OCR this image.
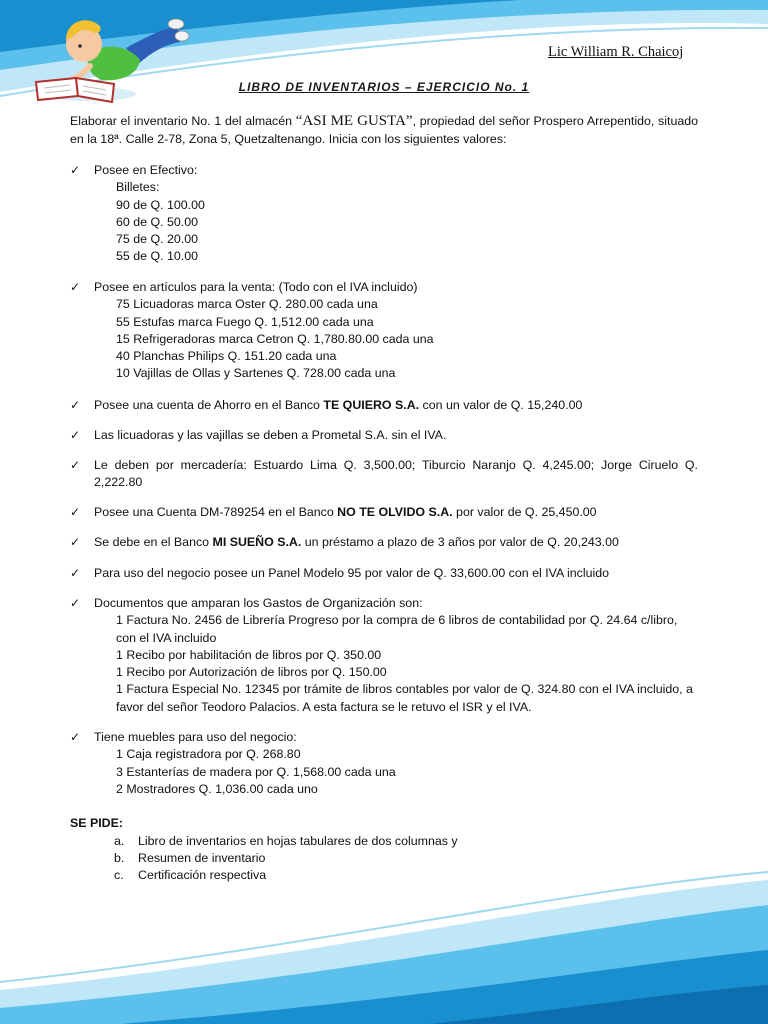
Lic William R. Chaicoj
LIBRO DE INVENTARIOS – EJERCICIO No. 1
Elaborar el inventario No. 1 del almacén “ASI ME GUSTA”, propiedad del señor Prospero Arrepentido, situado en la 18ª. Calle 2-78, Zona 5, Quetzaltenango. Inicia con los siguientes valores:
✓	Posee en Efectivo:
Billetes:
90 de Q. 100.00
60 de Q. 50.00
75 de Q. 20.00
55 de Q. 10.00
✓	Posee en artículos para la venta: (Todo con el IVA incluido)
75 Licuadoras marca Oster Q. 280.00 cada una
55 Estufas marca Fuego Q. 1,512.00 cada una
15 Refrigeradoras marca Cetron Q. 1,780.80.00 cada una
40 Planchas Philips Q. 151.20 cada una
10 Vajillas de Ollas y Sartenes Q. 728.00 cada una
✓	Posee una cuenta de Ahorro en el Banco TE QUIERO S.A. con un valor de Q. 15,240.00
✓	Las licuadoras y las vajillas se deben a Prometal S.A. sin el IVA.
✓	Le deben por mercadería: Estuardo Lima Q. 3,500.00; Tiburcio Naranjo Q. 4,245.00; Jorge Ciruelo Q. 2,222.80
✓	Posee una Cuenta DM-789254 en el Banco NO TE OLVIDO S.A. por valor de Q. 25,450.00
✓	Se debe en el Banco MI SUEÑO S.A. un préstamo a plazo de 3 años por valor de Q. 20,243.00
✓	Para uso del negocio posee un Panel Modelo 95 por valor de Q. 33,600.00 con el IVA incluido
✓	Documentos que amparan los Gastos de Organización son:
1 Factura No. 2456 de Librería Progreso por la compra de 6 libros de contabilidad por Q. 24.64 c/libro, con el IVA incluido
1 Recibo por habilitación de libros por Q. 350.00
1 Recibo por Autorización de libros por Q. 150.00
1 Factura Especial No. 12345 por trámite de libros contables por valor de Q. 324.80 con el IVA incluido, a favor del señor Teodoro Palacios. A esta factura se le retuvo el ISR y el IVA.
✓	Tiene muebles para uso del negocio:
1 Caja registradora por Q. 268.80
3 Estanterías de madera por Q. 1,568.00 cada una
2 Mostradores Q. 1,036.00 cada uno
SE PIDE:
a. Libro de inventarios en hojas tabulares de dos columnas y
b. Resumen de inventario
c. Certificación respectiva
